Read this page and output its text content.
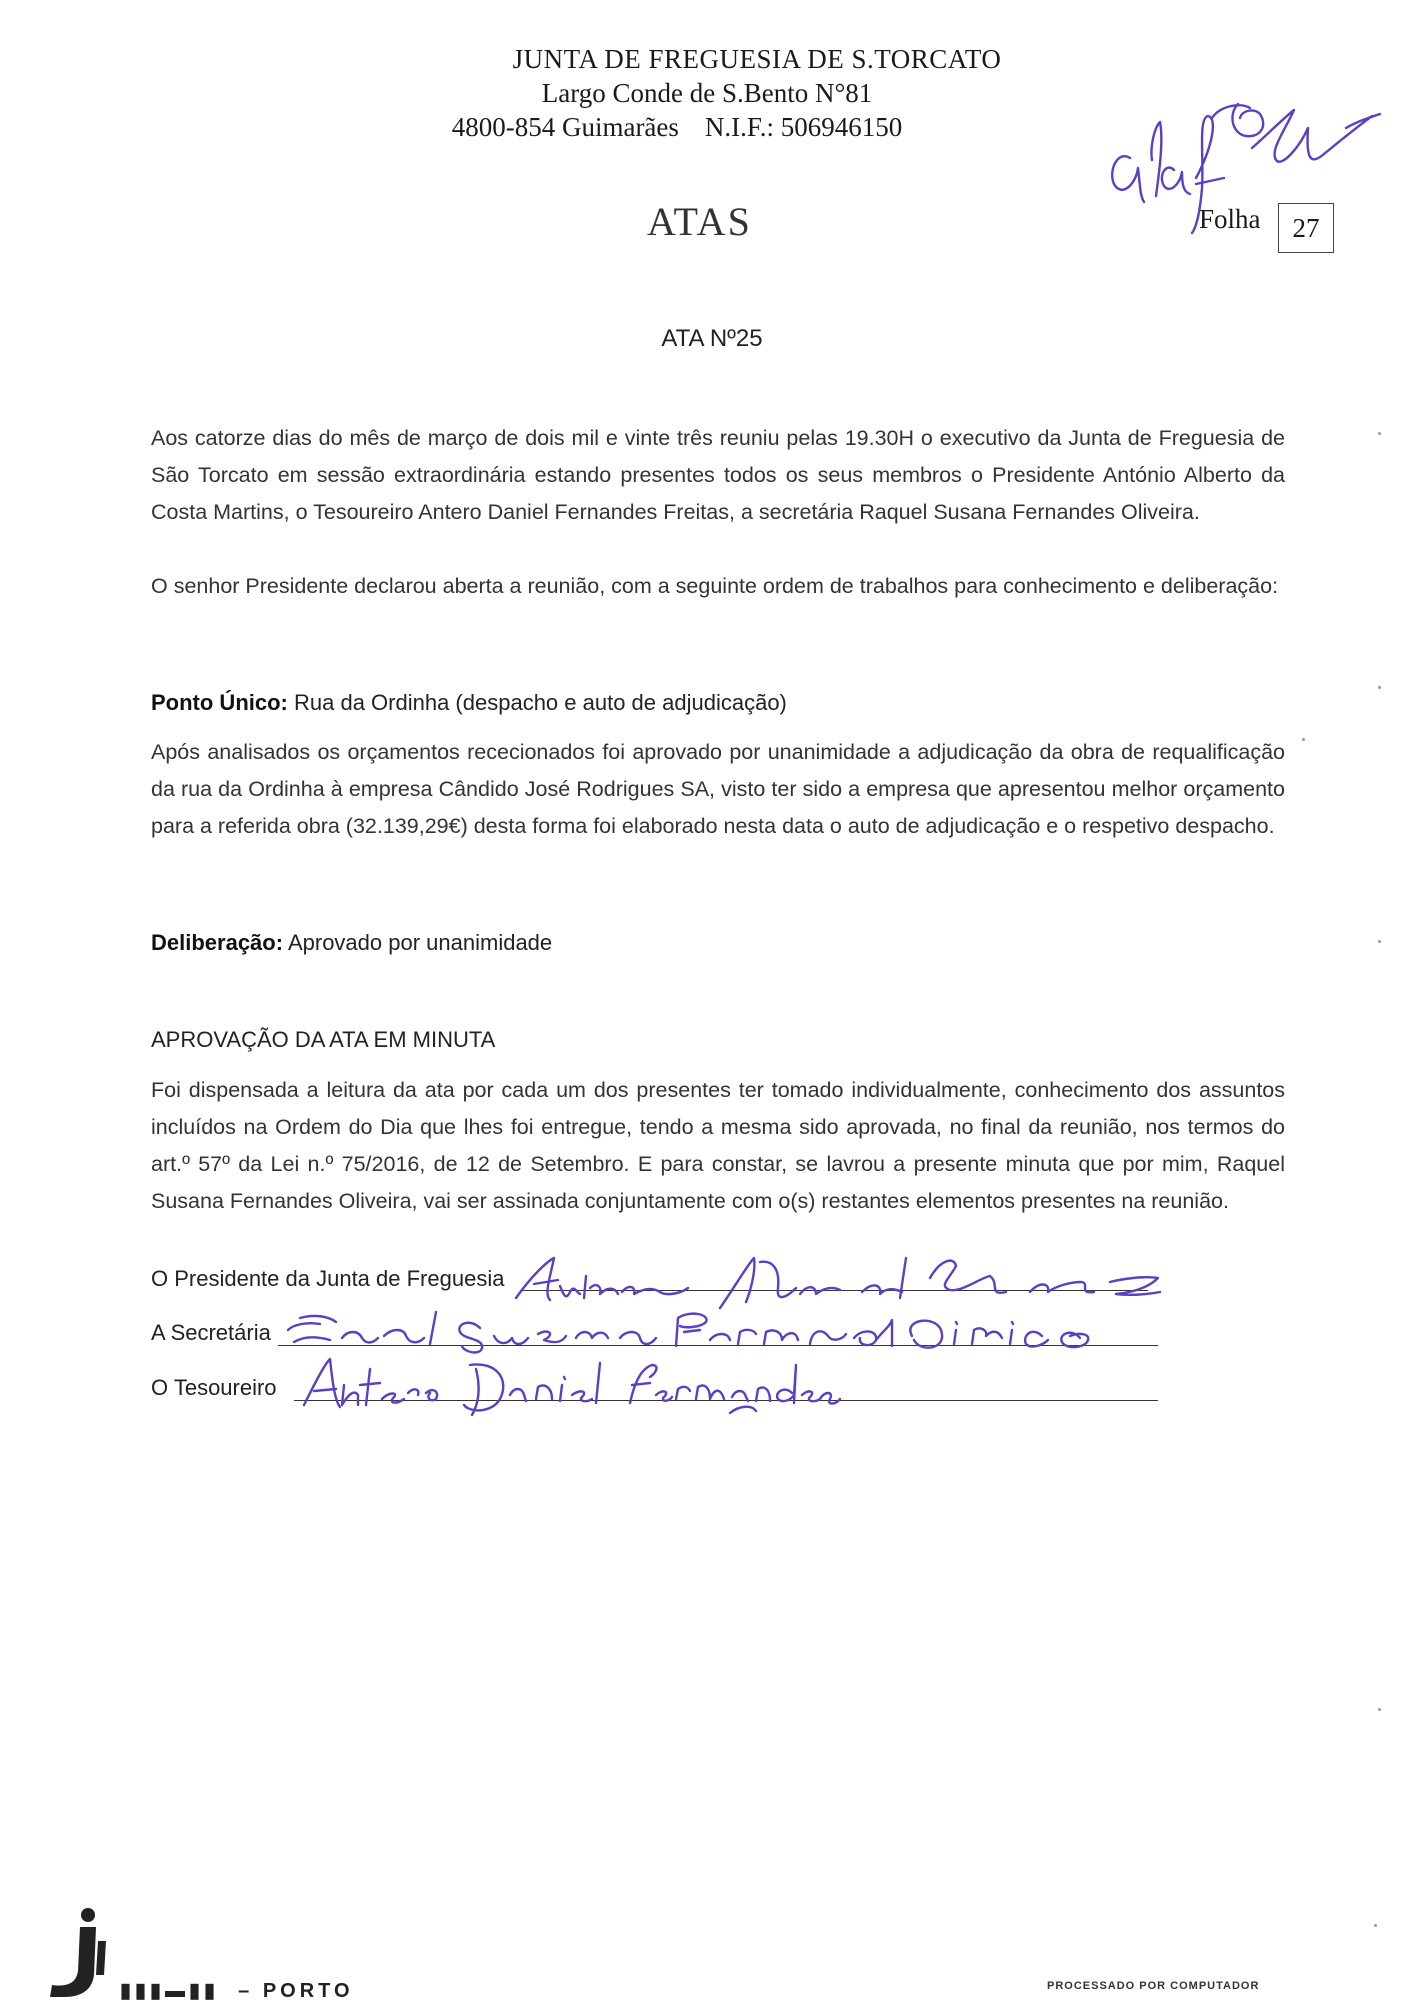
JUNTA DE FREGUESIA DE S.TORCATO
Largo Conde de S.Bento N°81
4800-854 Guimarães N.I.F.: 506946150
ATAS	Folha	27
ATA Nº25
Aos catorze dias do mês de março de dois mil e vinte três reuniu pelas 19.30H o executivo da Junta de Freguesia de São Torcato em sessão extraordinária estando presentes todos os seus membros o Presidente António Alberto da Costa Martins, o Tesoureiro Antero Daniel Fernandes Freitas, a secretária Raquel Susana Fernandes Oliveira.
O senhor Presidente declarou aberta a reunião, com a seguinte ordem de trabalhos para conhecimento e deliberação:
Ponto Único: Rua da Ordinha (despacho e auto de adjudicação)
Após analisados os orçamentos rececionados foi aprovado por unanimidade a adjudicação da obra de requalificação da rua da Ordinha à empresa Cândido José Rodrigues SA, visto ter sido a empresa que apresentou melhor orçamento para a referida obra (32.139,29€) desta forma foi elaborado nesta data o auto de adjudicação e o respetivo despacho.
Deliberação: Aprovado por unanimidade
APROVAÇÃO DA ATA EM MINUTA
Foi dispensada a leitura da ata por cada um dos presentes ter tomado individualmente, conhecimento dos assuntos incluídos na Ordem do Dia que lhes foi entregue, tendo a mesma sido aprovada, no final da reunião, nos termos do art.º 57º da Lei n.º 75/2016, de 12 de Setembro. E para constar, se lavrou a presente minuta que por mim, Raquel Susana Fernandes Oliveira, vai ser assinada conjuntamente com o(s) restantes elementos presentes na reunião.
O Presidente da Junta de Freguesia
A Secretária
O Tesoureiro
▮▮▮▬▮▮  – PORTO	PROCESSADO POR COMPUTADOR
